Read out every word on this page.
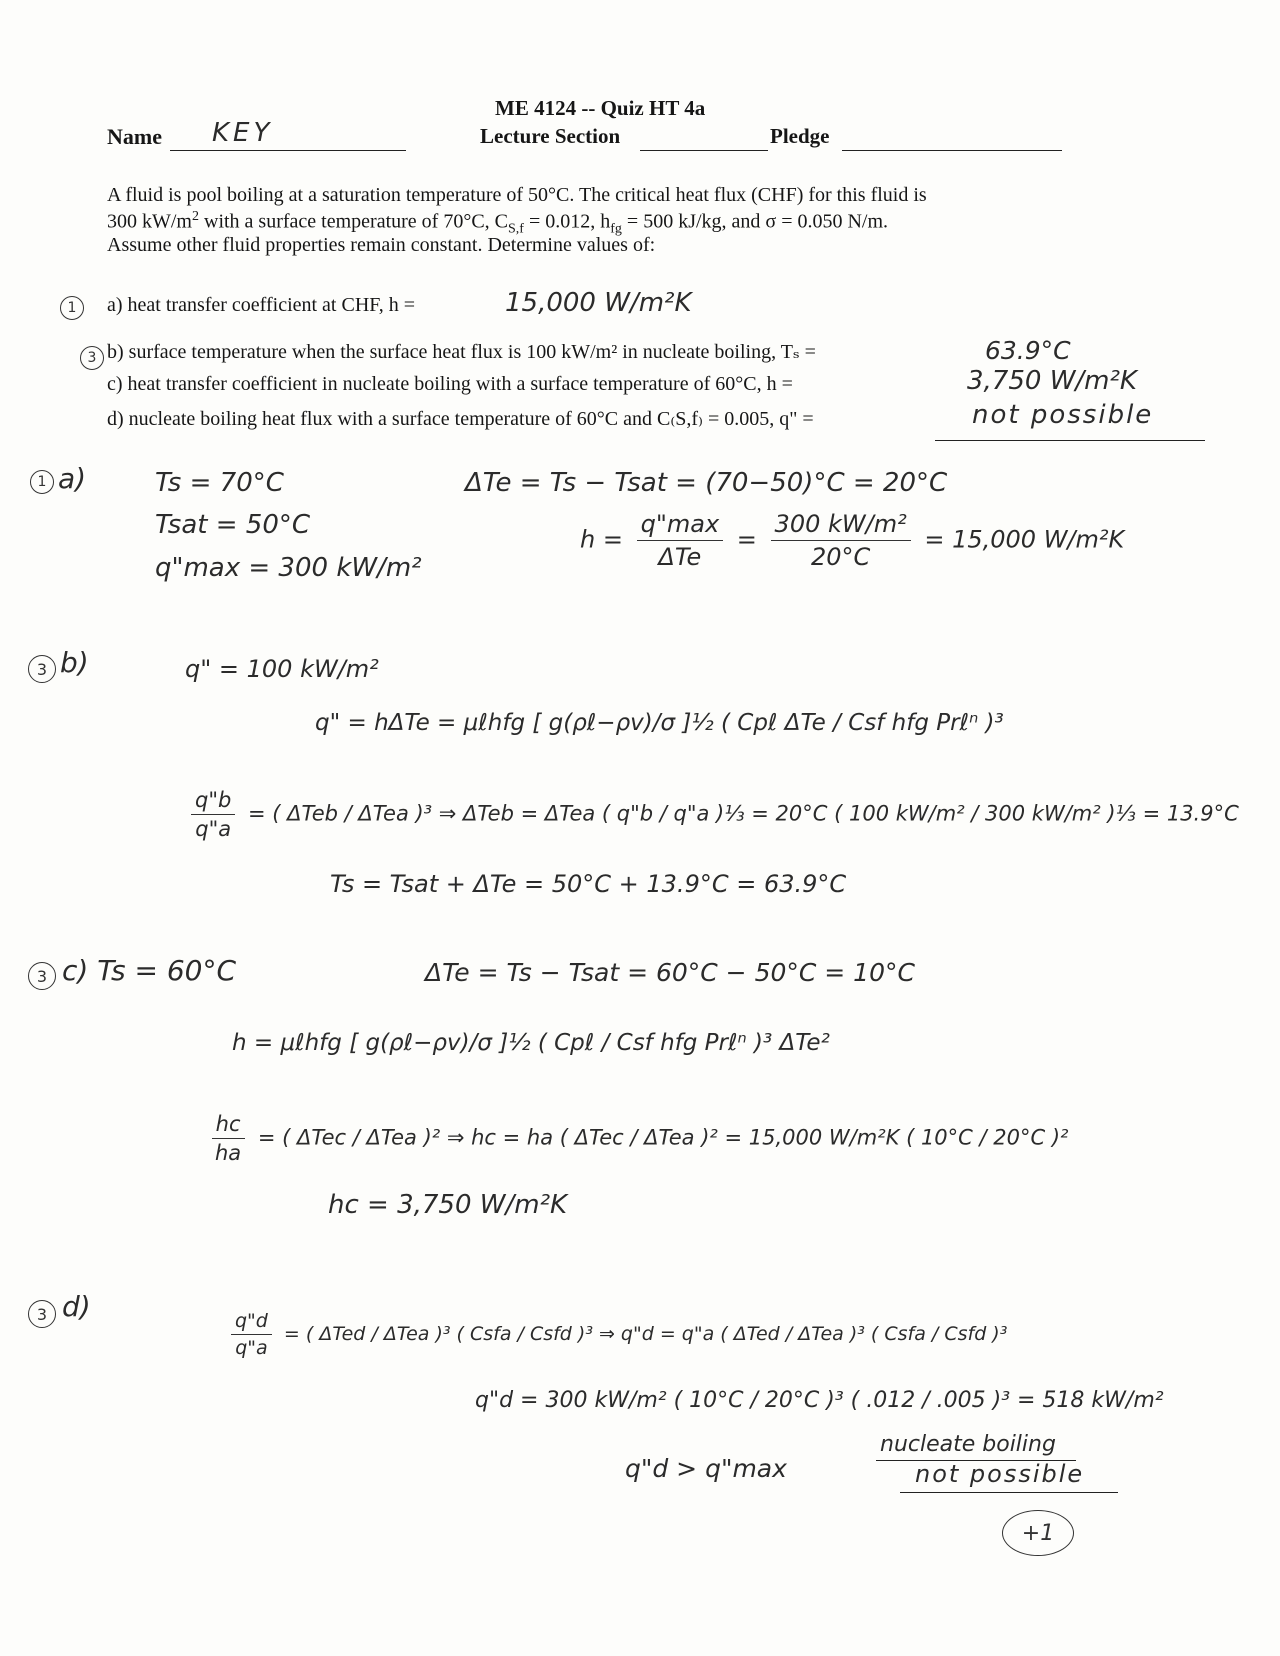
ME 4124 -- Quiz HT 4a
Name KEY	Lecture Section	Pledge
A fluid is pool boiling at a saturation temperature of 50°C. The critical heat flux (CHF) for this fluid is
300 $kW/m^2$ with a surface temperature of 70°C, $C_{S,f} = 0.012$, $h_{fg} = 500$ kJ/kg, and σ = 0.050 N/m.
Assume other fluid properties remain constant. Determine values of:
1 a) heat transfer coefficient at CHF, h =	15,000 W/m²K
3 b) surface temperature when the surface heat flux is 100 kW/m² in nucleate boiling, Tₛ =	63.9°C
c) heat transfer coefficient in nucleate boiling with a surface temperature of 60°C, h =	3,750 W/m²K
d) nucleate boiling heat flux with a surface temperature of 60°C and C₍S,f₎ = 0.005, q" =	not possible
1 a)	Ts = 70°C
Tsat = 50°C
q"max = 300 kW/m²
ΔTe = Ts − Tsat = (70−50)°C = 20°C
$h = \frac{q"\max}{\text{ΔTe}} = \frac{\text{300 kW/m²}}{20^\circ C} = 15,000$ W/m²K
3 b)	q" = 100 kW/m²
q" = hΔTe = μℓhfg [ g(ρℓ−ρv)/σ ]½ ( Cpℓ ΔTe / Csf hfg Prℓⁿ )³
$\frac{q"b}{q"a}$ = ( ΔTeb / ΔTea )³ ⇒ ΔTeb = ΔTea ( q"b / q"a )⅓ = 20°C ( 100 kW/m² / 300 kW/m² )⅓ = 13.9°C
Ts = Tsat + ΔTe = 50°C + 13.9°C = 63.9°C
3 c) Ts = 60°C	ΔTe = Ts − Tsat = 60°C − 50°C = 10°C
h = μℓhfg [ g(ρℓ−ρv)/σ ]½ ( Cpℓ / Csf hfg Prℓⁿ )³ ΔTe²
$\frac{hc}{ha}$ = ( ΔTec / ΔTea )² ⇒ hc = ha ( ΔTec / ΔTea )² = 15,000 W/m²K ( 10°C / 20°C )²
hc = 3,750 W/m²K
3 d)
$\frac{q"d}{q"a}$ = ( ΔTed / ΔTea )³ ( Csfa / Csfd )³ ⇒ q"d = q"a ( ΔTed / ΔTea )³ ( Csfa / Csfd )³
q"d = 300 kW/m² ( 10°C / 20°C )³ ( .012 / .005 )³ = 518 kW/m²
q"d > q"max
nucleate boiling
not possible
+1
